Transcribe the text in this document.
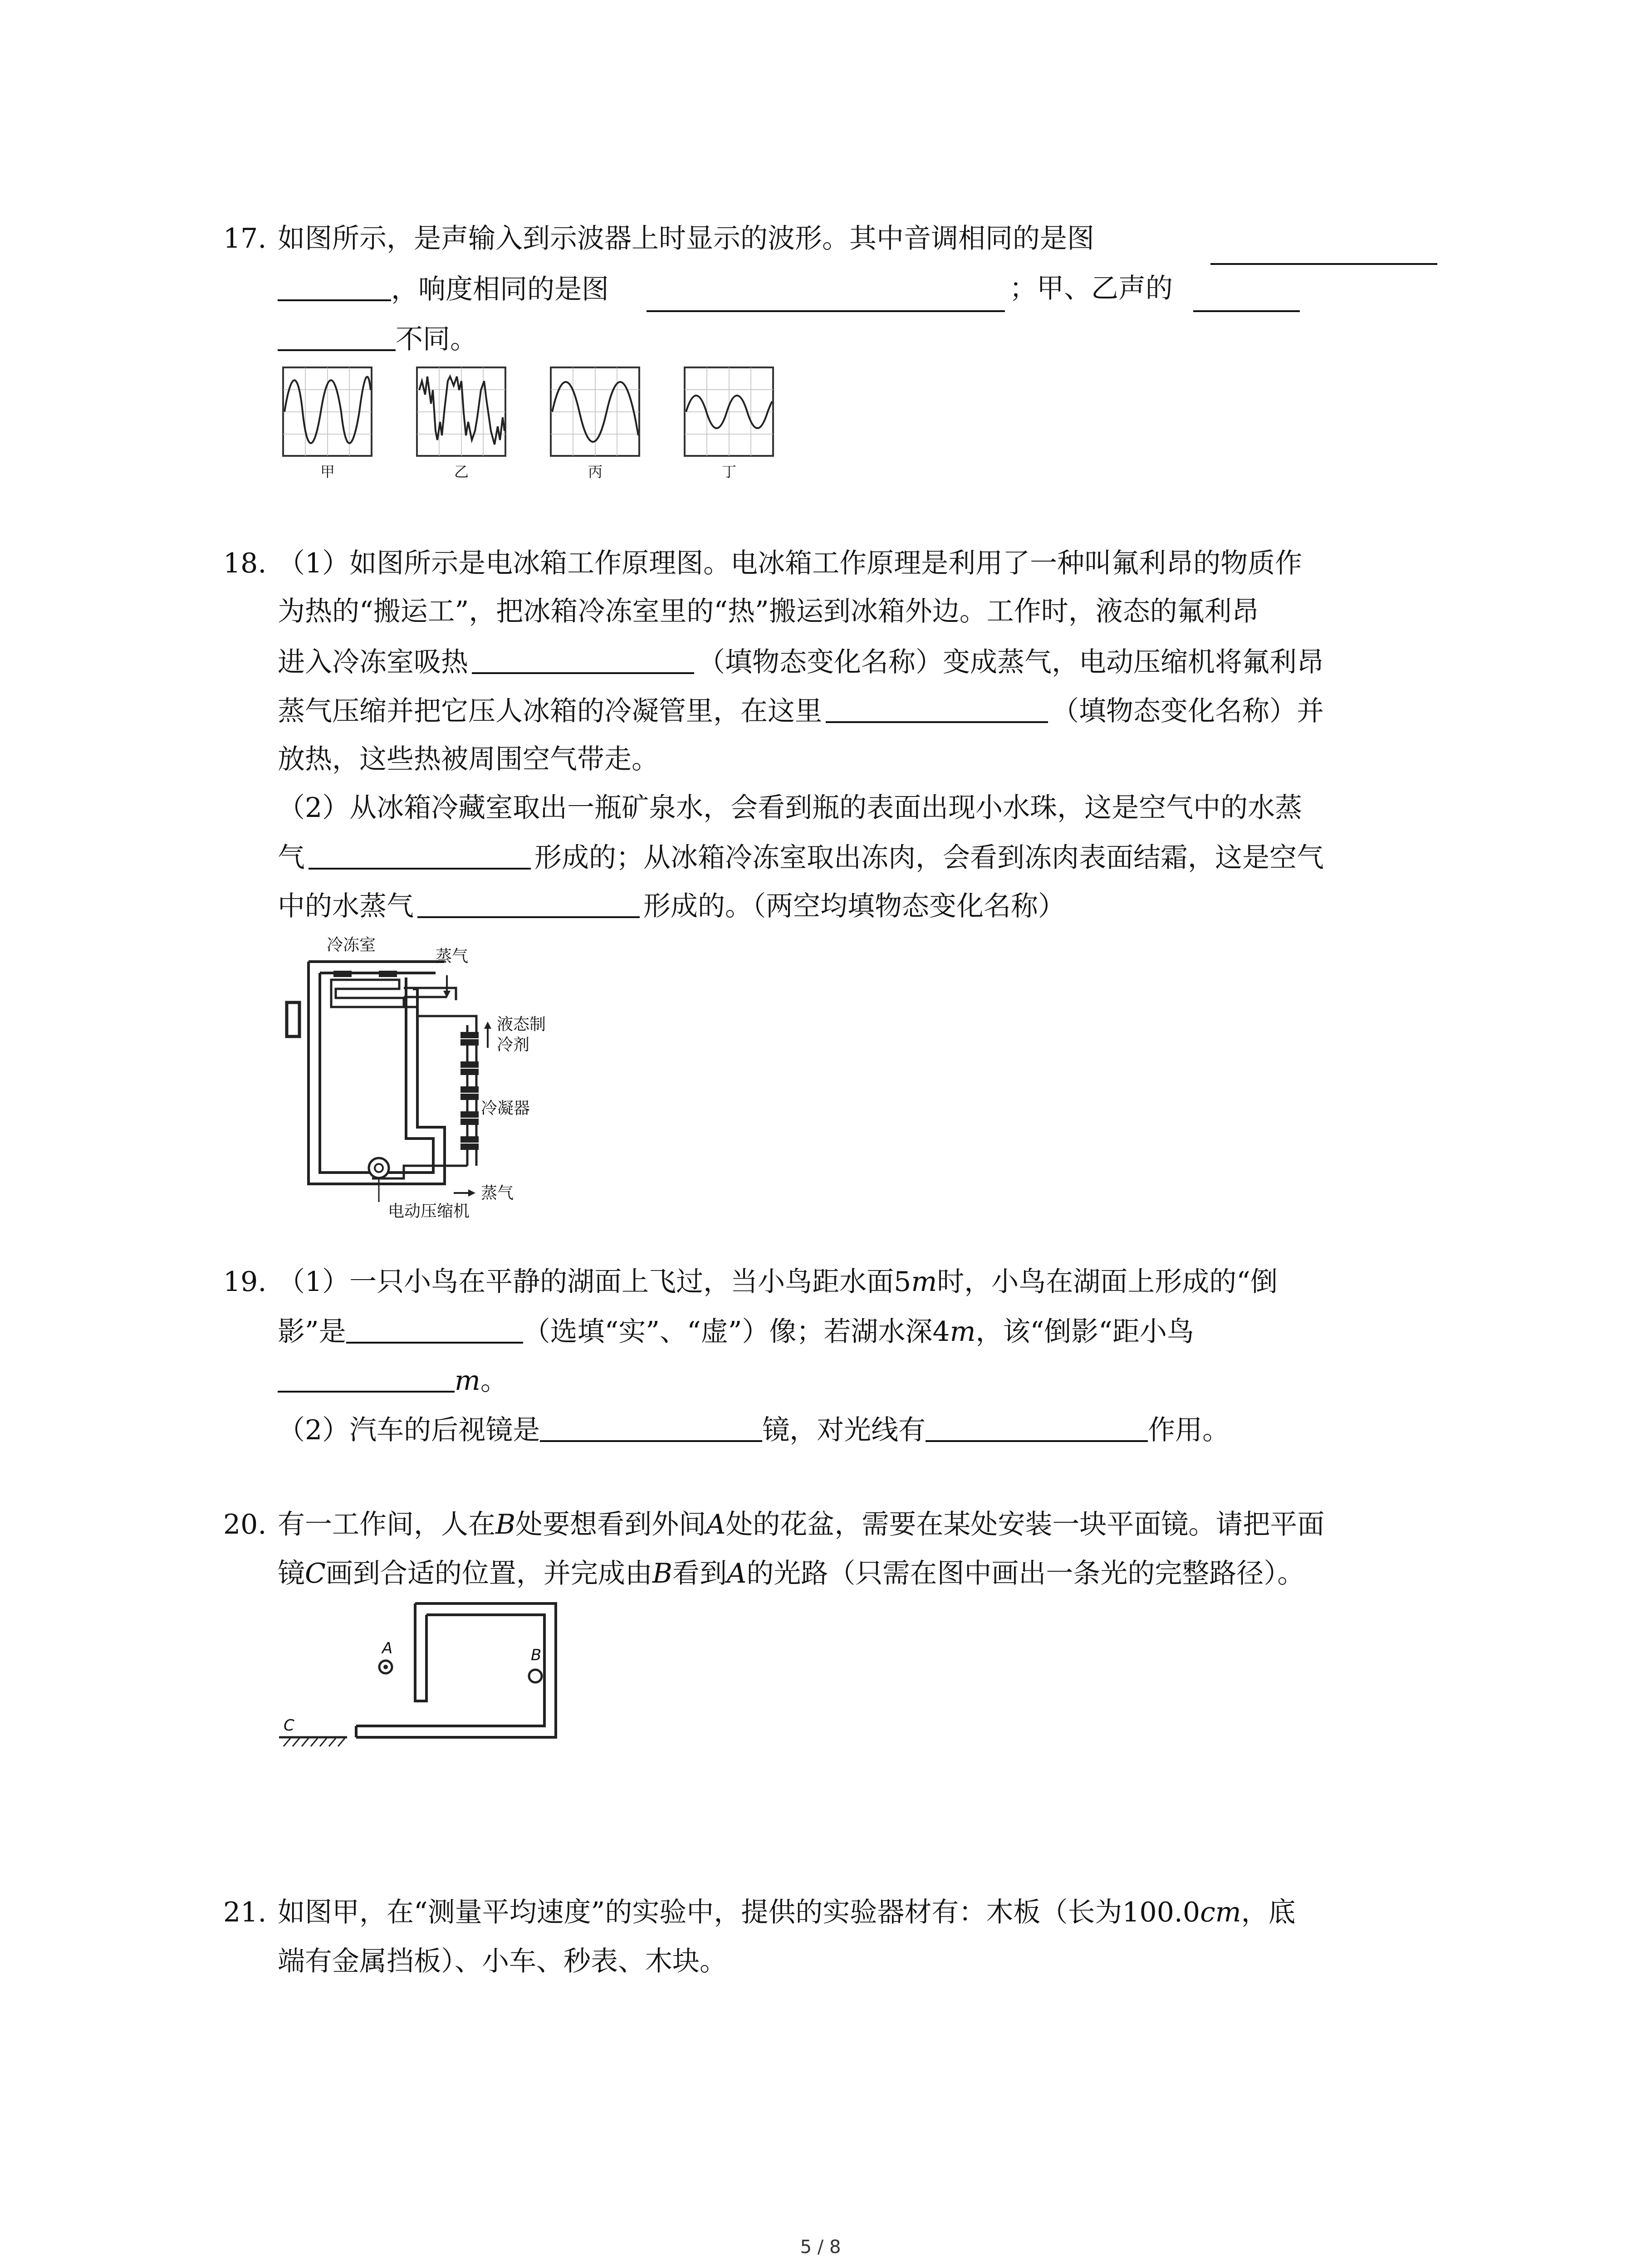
17. 如图所示，是声输入到示波器上时显示的波形。其中音调相同的是图
，响度相同的是图	；甲、乙声的
不同。
甲	乙	丙	丁
18. （1）如图所示是电冰箱工作原理图。电冰箱工作原理是利用了一种叫氟利昂的物质作
为热的“搬运工”，把冰箱冷冻室里的“热”搬运到冰箱外边。工作时，液态的氟利昂
进入冷冻室吸热	（填物态变化名称）变成蒸气，电动压缩机将氟利昂
蒸气压缩并把它压人冰箱的冷凝管里，在这里	（填物态变化名称）并
放热，这些热被周围空气带走。
（2）从冰箱冷藏室取出一瓶矿泉水，会看到瓶的表面出现小水珠，这是空气中的水蒸
气	形成的；从冰箱冷冻室取出冻肉，会看到冻肉表面结霜，这是空气
中的水蒸气	形成的。（两空均填物态变化名称）
冷冻室
蒸气
液态制
冷剂
冷凝器
蒸气
电动压缩机
19. （1）一只小鸟在平静的湖面上飞过，当小鸟距水面5m时，小鸟在湖面上形成的“倒
影”是	（选填“实”、“虚”）像；若湖水深4m，该“倒影“距小鸟
m。
（2）汽车的后视镜是	镜，对光线有	作用。
20. 有一工作间，人在B处要想看到外间A处的花盆，需要在某处安装一块平面镜。请把平面
镜C画到合适的位置，并完成由B看到A的光路（只需在图中画出一条光的完整路径）。
A	B
C
21. 如图甲，在“测量平均速度”的实验中，提供的实验器材有：木板（长为100.0cm，底
端有金属挡板）、小车、秒表、木块。
5 / 8
